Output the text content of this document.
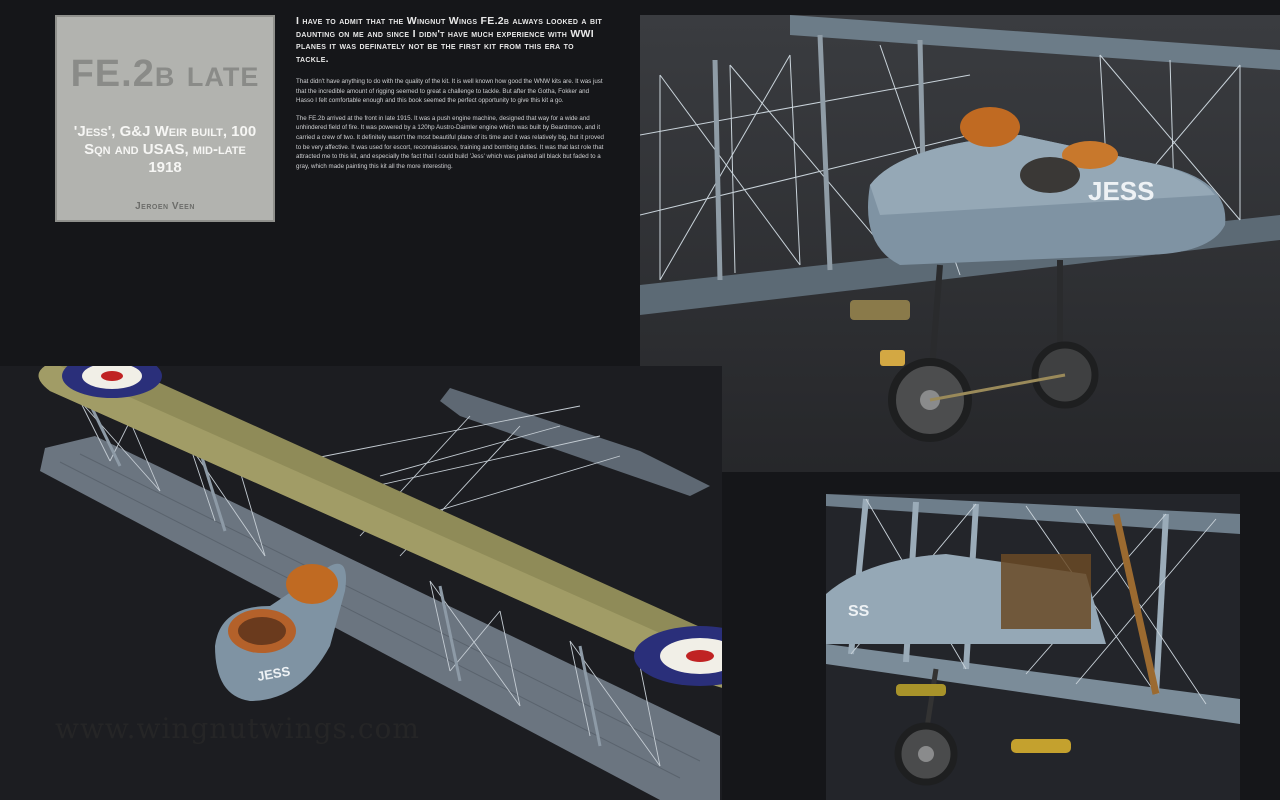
FE.2b late
'Jess', G&J Weir built, 100 Sqn and USAS, mid-late 1918
Jeroen Veen

I have to admit that the Wingnut Wings FE.2b always looked a bit daunting on me and since I didn't have much experience with WWI planes it was definately not be the first kit from this era to tackle.

That didn't have anything to do with the quality of the kit. It is well known how good the WNW kits are. It was just that the incredible amount of rigging seemed to great a challenge to tackle. But after the Gotha, Fokker and Hasso I felt comfortable enough and this book seemed the perfect opportunity to give this kit a go.

The FE.2b arrived at the front in late 1915. It was a push engine machine, designed that way for a wide and unhindered field of fire. It was powered by a 120hp Austro-Daimler engine which was built by Beardmore, and it carried a crew of two. It definitely wasn't the most beautiful plane of its time and it was relatively big, but it proved to be very affective. It was used for escort, reconnaissance, training and bombing duties. It was that last role that attracted me to this kit, and especially the fact that I could build 'Jess' which was painted all black but faded to a gray, which made painting this kit all the more interesting.

JESS
JESS
SS
www.wingnutwings.com
